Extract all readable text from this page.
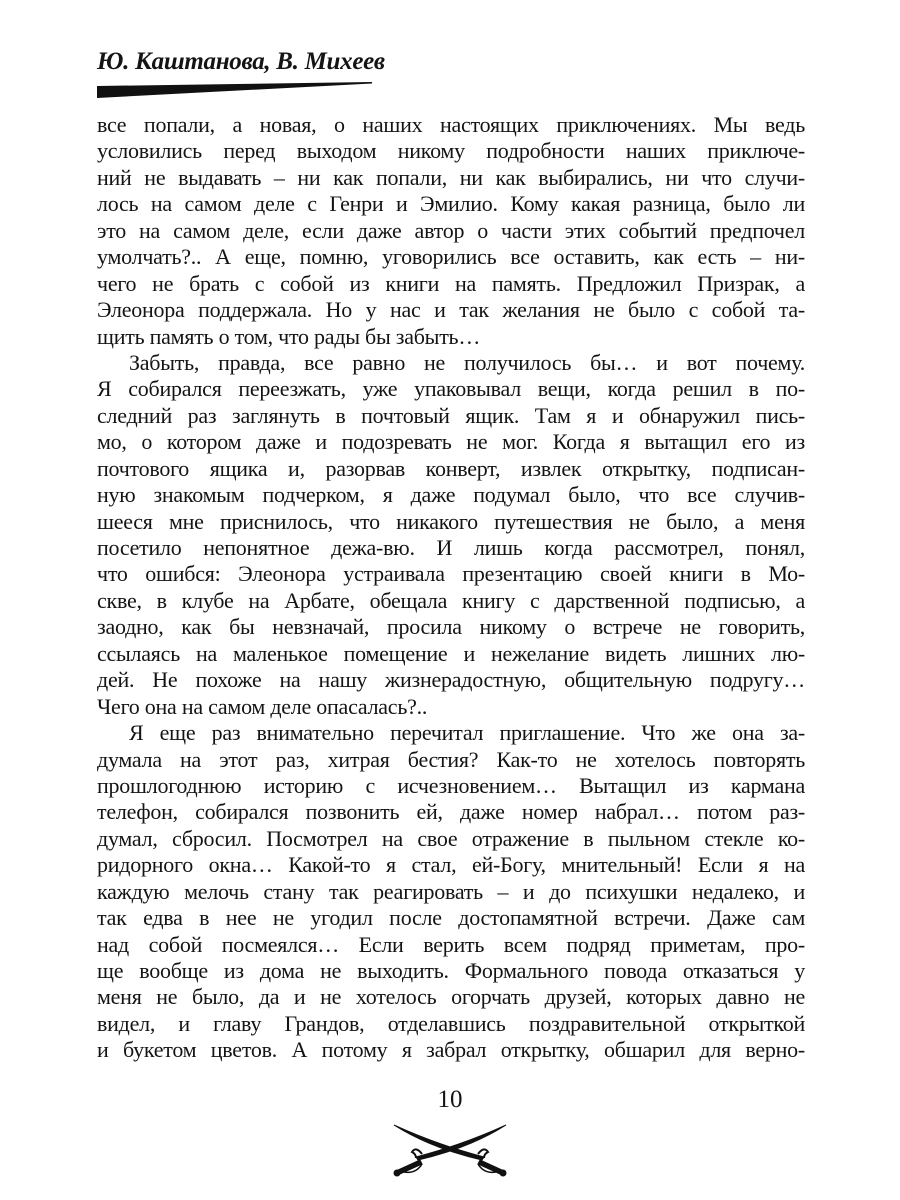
Ю. Каштанова, В. Михеев
все попали, а новая, о наших настоящих приключениях. Мы ведь
условились перед выходом никому подробности наших приключе-
ний не выдавать – ни как попали, ни как выбирались, ни что случи-
лось на самом деле с Генри и Эмилио. Кому какая разница, было ли
это на самом деле, если даже автор о части этих событий предпочел
умолчать?.. А еще, помню, уговорились все оставить, как есть – ни-
чего не брать с собой из книги на память. Предложил Призрак, а
Элеонора поддержала. Но у нас и так желания не было с собой та-
щить память о том, что рады бы забыть…
Забыть, правда, все равно не получилось бы… и вот почему.
Я собирался переезжать, уже упаковывал вещи, когда решил в по-
следний раз заглянуть в почтовый ящик. Там я и обнаружил пись-
мо, о котором даже и подозревать не мог. Когда я вытащил его из
почтового ящика и, разорвав конверт, извлек открытку, подписан-
ную знакомым подчерком, я даже подумал было, что все случив-
шееся мне приснилось, что никакого путешествия не было, а меня
посетило непонятное дежа-вю. И лишь когда рассмотрел, понял,
что ошибся: Элеонора устраивала презентацию своей книги в Мо-
скве, в клубе на Арбате, обещала книгу с дарственной подписью, а
заодно, как бы невзначай, просила никому о встрече не говорить,
ссылаясь на маленькое помещение и нежелание видеть лишних лю-
дей. Не похоже на нашу жизнерадостную, общительную подругу…
Чего она на самом деле опасалась?..
Я еще раз внимательно перечитал приглашение. Что же она за-
думала на этот раз, хитрая бестия? Как-то не хотелось повторять
прошлогоднюю историю с исчезновением… Вытащил из кармана
телефон, собирался позвонить ей, даже номер набрал… потом раз-
думал, сбросил. Посмотрел на свое отражение в пыльном стекле ко-
ридорного окна… Какой-то я стал, ей-Богу, мнительный! Если я на
каждую мелочь стану так реагировать – и до психушки недалеко, и
так едва в нее не угодил после достопамятной встречи. Даже сам
над собой посмеялся… Если верить всем подряд приметам, про-
ще вообще из дома не выходить. Формального повода отказаться у
меня не было, да и не хотелось огорчать друзей, которых давно не
видел, и главу Грандов, отделавшись поздравительной открыткой
и букетом цветов. А потому я забрал открытку, обшарил для верно-
10
